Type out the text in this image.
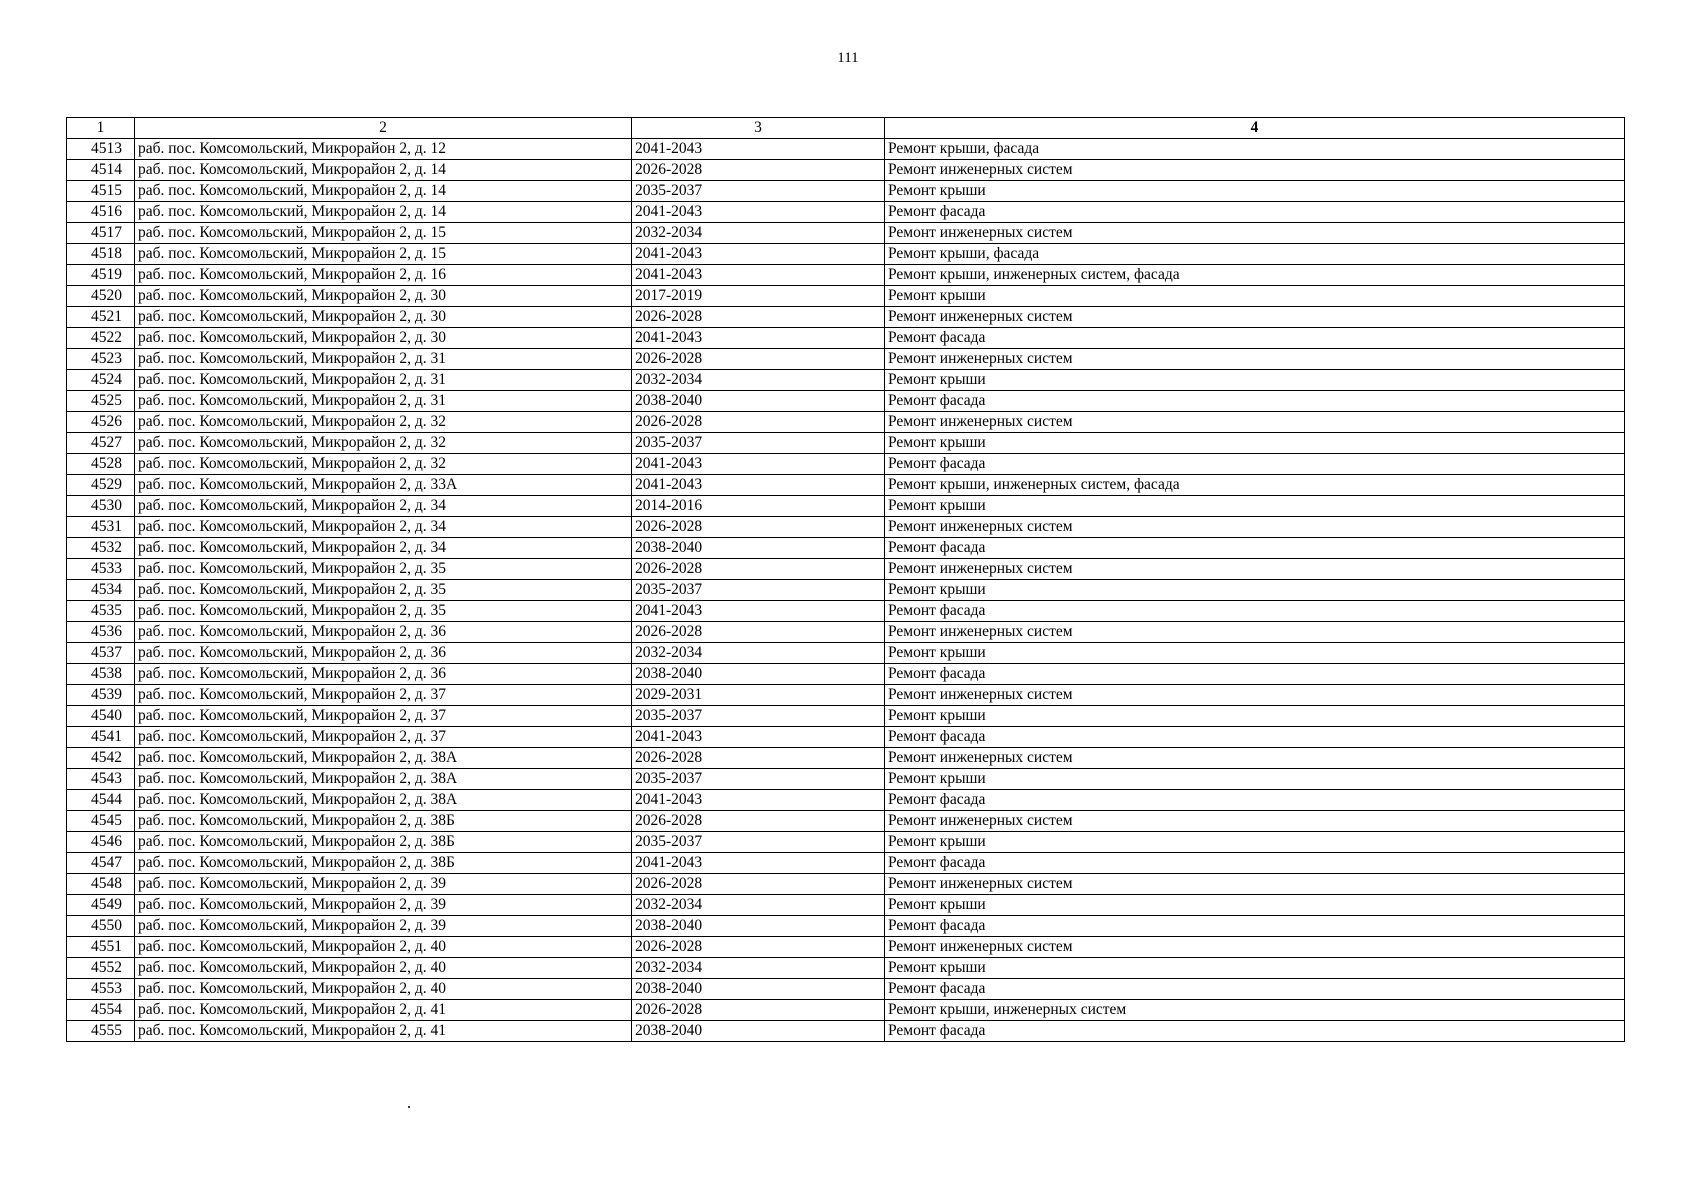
111
1	2	3	4
4513	раб. пос. Комсомольский, Микрорайон 2, д. 12	2041-2043	Ремонт крыши, фасада
4514	раб. пос. Комсомольский, Микрорайон 2, д. 14	2026-2028	Ремонт инженерных систем
4515	раб. пос. Комсомольский, Микрорайон 2, д. 14	2035-2037	Ремонт крыши
4516	раб. пос. Комсомольский, Микрорайон 2, д. 14	2041-2043	Ремонт фасада
4517	раб. пос. Комсомольский, Микрорайон 2, д. 15	2032-2034	Ремонт инженерных систем
4518	раб. пос. Комсомольский, Микрорайон 2, д. 15	2041-2043	Ремонт крыши, фасада
4519	раб. пос. Комсомольский, Микрорайон 2, д. 16	2041-2043	Ремонт крыши, инженерных систем, фасада
4520	раб. пос. Комсомольский, Микрорайон 2, д. 30	2017-2019	Ремонт крыши
4521	раб. пос. Комсомольский, Микрорайон 2, д. 30	2026-2028	Ремонт инженерных систем
4522	раб. пос. Комсомольский, Микрорайон 2, д. 30	2041-2043	Ремонт фасада
4523	раб. пос. Комсомольский, Микрорайон 2, д. 31	2026-2028	Ремонт инженерных систем
4524	раб. пос. Комсомольский, Микрорайон 2, д. 31	2032-2034	Ремонт крыши
4525	раб. пос. Комсомольский, Микрорайон 2, д. 31	2038-2040	Ремонт фасада
4526	раб. пос. Комсомольский, Микрорайон 2, д. 32	2026-2028	Ремонт инженерных систем
4527	раб. пос. Комсомольский, Микрорайон 2, д. 32	2035-2037	Ремонт крыши
4528	раб. пос. Комсомольский, Микрорайон 2, д. 32	2041-2043	Ремонт фасада
4529	раб. пос. Комсомольский, Микрорайон 2, д. 33А	2041-2043	Ремонт крыши, инженерных систем, фасада
4530	раб. пос. Комсомольский, Микрорайон 2, д. 34	2014-2016	Ремонт крыши
4531	раб. пос. Комсомольский, Микрорайон 2, д. 34	2026-2028	Ремонт инженерных систем
4532	раб. пос. Комсомольский, Микрорайон 2, д. 34	2038-2040	Ремонт фасада
4533	раб. пос. Комсомольский, Микрорайон 2, д. 35	2026-2028	Ремонт инженерных систем
4534	раб. пос. Комсомольский, Микрорайон 2, д. 35	2035-2037	Ремонт крыши
4535	раб. пос. Комсомольский, Микрорайон 2, д. 35	2041-2043	Ремонт фасада
4536	раб. пос. Комсомольский, Микрорайон 2, д. 36	2026-2028	Ремонт инженерных систем
4537	раб. пос. Комсомольский, Микрорайон 2, д. 36	2032-2034	Ремонт крыши
4538	раб. пос. Комсомольский, Микрорайон 2, д. 36	2038-2040	Ремонт фасада
4539	раб. пос. Комсомольский, Микрорайон 2, д. 37	2029-2031	Ремонт инженерных систем
4540	раб. пос. Комсомольский, Микрорайон 2, д. 37	2035-2037	Ремонт крыши
4541	раб. пос. Комсомольский, Микрорайон 2, д. 37	2041-2043	Ремонт фасада
4542	раб. пос. Комсомольский, Микрорайон 2, д. 38А	2026-2028	Ремонт инженерных систем
4543	раб. пос. Комсомольский, Микрорайон 2, д. 38А	2035-2037	Ремонт крыши
4544	раб. пос. Комсомольский, Микрорайон 2, д. 38А	2041-2043	Ремонт фасада
4545	раб. пос. Комсомольский, Микрорайон 2, д. 38Б	2026-2028	Ремонт инженерных систем
4546	раб. пос. Комсомольский, Микрорайон 2, д. 38Б	2035-2037	Ремонт крыши
4547	раб. пос. Комсомольский, Микрорайон 2, д. 38Б	2041-2043	Ремонт фасада
4548	раб. пос. Комсомольский, Микрорайон 2, д. 39	2026-2028	Ремонт инженерных систем
4549	раб. пос. Комсомольский, Микрорайон 2, д. 39	2032-2034	Ремонт крыши
4550	раб. пос. Комсомольский, Микрорайон 2, д. 39	2038-2040	Ремонт фасада
4551	раб. пос. Комсомольский, Микрорайон 2, д. 40	2026-2028	Ремонт инженерных систем
4552	раб. пос. Комсомольский, Микрорайон 2, д. 40	2032-2034	Ремонт крыши
4553	раб. пос. Комсомольский, Микрорайон 2, д. 40	2038-2040	Ремонт фасада
4554	раб. пос. Комсомольский, Микрорайон 2, д. 41	2026-2028	Ремонт крыши, инженерных систем
4555	раб. пос. Комсомольский, Микрорайон 2, д. 41	2038-2040	Ремонт фасада
